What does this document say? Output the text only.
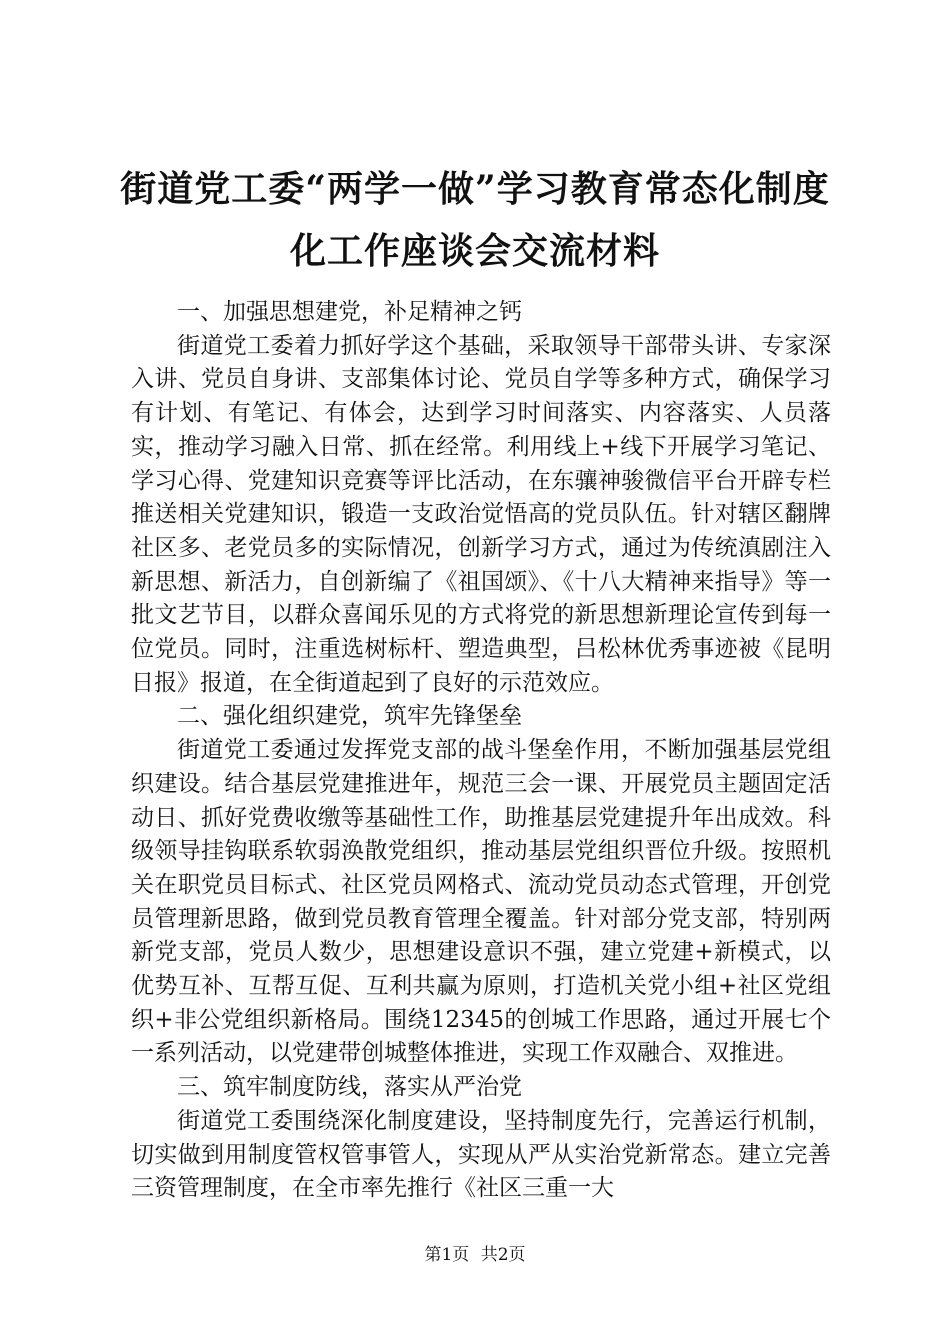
街道党工委“两学一做”学习教育常态化制度
化工作座谈会交流材料

一、加强思想建党，补足精神之钙

街道党工委着力抓好学这个基础，采取领导干部带头讲、专家深入讲、党员自身讲、支部集体讨论、党员自学等多种方式，确保学习有计划、有笔记、有体会，达到学习时间落实、内容落实、人员落实，推动学习融入日常、抓在经常。利用线上+线下开展学习笔记、学习心得、党建知识竞赛等评比活动，在东骧神骏微信平台开辟专栏推送相关党建知识，锻造一支政治觉悟高的党员队伍。针对辖区翻牌社区多、老党员多的实际情况，创新学习方式，通过为传统滇剧注入新思想、新活力，自创新编了《祖国颂》、《十八大精神来指导》等一批文艺节目，以群众喜闻乐见的方式将党的新思想新理论宣传到每一位党员。同时，注重选树标杆、塑造典型，吕松林优秀事迹被《昆明日报》报道，在全街道起到了良好的示范效应。

二、强化组织建党，筑牢先锋堡垒

街道党工委通过发挥党支部的战斗堡垒作用，不断加强基层党组织建设。结合基层党建推进年，规范三会一课、开展党员主题固定活动日、抓好党费收缴等基础性工作，助推基层党建提升年出成效。科级领导挂钩联系软弱涣散党组织，推动基层党组织晋位升级。按照机关在职党员目标式、社区党员网格式、流动党员动态式管理，开创党员管理新思路，做到党员教育管理全覆盖。针对部分党支部，特别两新党支部，党员人数少，思想建设意识不强，建立党建+新模式，以优势互补、互帮互促、互利共赢为原则，打造机关党小组+社区党组织+非公党组织新格局。围绕12345的创城工作思路，通过开展七个一系列活动，以党建带创城整体推进，实现工作双融合、双推进。

三、筑牢制度防线，落实从严治党

街道党工委围绕深化制度建设，坚持制度先行，完善运行机制，切实做到用制度管权管事管人，实现从严从实治党新常态。建立完善三资管理制度，在全市率先推行《社区三重一大

第1页 共2页
